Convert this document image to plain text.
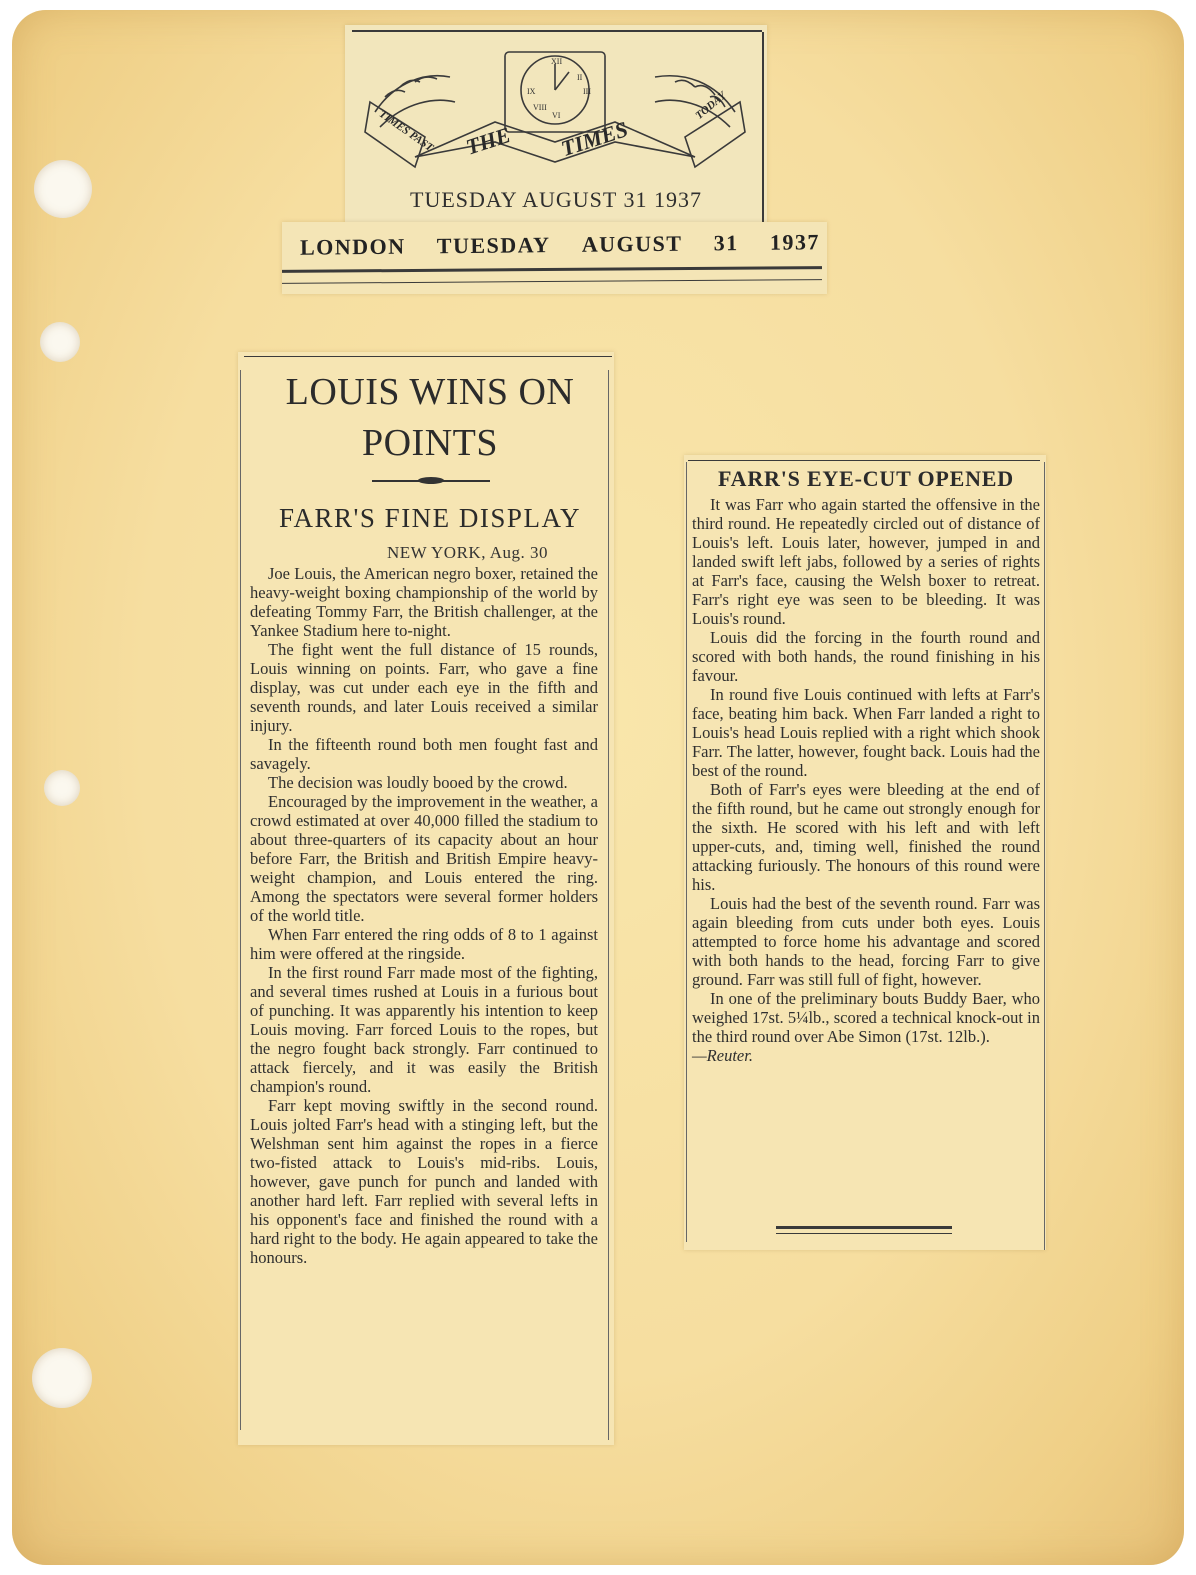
THE TIMES
TIMES PAST
TODAY
XII
II
III
IX
VIII
VI
TUESDAY AUGUST 31 1937
LONDON TUESDAY AUGUST 31 1937
LOUIS WINS ON
POINTS
FARR'S FINE DISPLAY
NEW YORK, Aug. 30

Joe Louis, the American negro boxer, retained the heavy-weight boxing championship of the world by defeating Tommy Farr, the British challenger, at the Yankee Stadium here to-night.

The fight went the full distance of 15 rounds, Louis winning on points. Farr, who gave a fine display, was cut under each eye in the fifth and seventh rounds, and later Louis received a similar injury.

In the fifteenth round both men fought fast and savagely.

The decision was loudly booed by the crowd.

Encouraged by the improvement in the weather, a crowd estimated at over 40,000 filled the stadium to about three-quarters of its capacity about an hour before Farr, the British and British Empire heavy-weight champion, and Louis entered the ring. Among the spectators were several former holders of the world title.

When Farr entered the ring odds of 8 to 1 against him were offered at the ringside.

In the first round Farr made most of the fighting, and several times rushed at Louis in a furious bout of punching. It was apparently his intention to keep Louis moving. Farr forced Louis to the ropes, but the negro fought back strongly. Farr continued to attack fiercely, and it was easily the British champion's round.

Farr kept moving swiftly in the second round. Louis jolted Farr's head with a stinging left, but the Welshman sent him against the ropes in a fierce two-fisted attack to Louis's mid-ribs. Louis, however, gave punch for punch and landed with another hard left. Farr replied with several lefts in his opponent's face and finished the round with a hard right to the body. He again appeared to take the honours.

FARR'S EYE-CUT OPENED

It was Farr who again started the offensive in the third round. He repeatedly circled out of distance of Louis's left. Louis later, however, jumped in and landed swift left jabs, followed by a series of rights at Farr's face, causing the Welsh boxer to retreat. Farr's right eye was seen to be bleeding. It was Louis's round.

Louis did the forcing in the fourth round and scored with both hands, the round finishing in his favour.

In round five Louis continued with lefts at Farr's face, beating him back. When Farr landed a right to Louis's head Louis replied with a right which shook Farr. The latter, however, fought back. Louis had the best of the round.

Both of Farr's eyes were bleeding at the end of the fifth round, but he came out strongly enough for the sixth. He scored with his left and with left upper-cuts, and, timing well, finished the round attacking furiously. The honours of this round were his.

Louis had the best of the seventh round. Farr was again bleeding from cuts under both eyes. Louis attempted to force home his advantage and scored with both hands to the head, forcing Farr to give ground. Farr was still full of fight, however.

In one of the preliminary bouts Buddy Baer, who weighed 17st. 5¼lb., scored a technical knock-out in the third round over Abe Simon (17st. 12lb.).

—Reuter.
